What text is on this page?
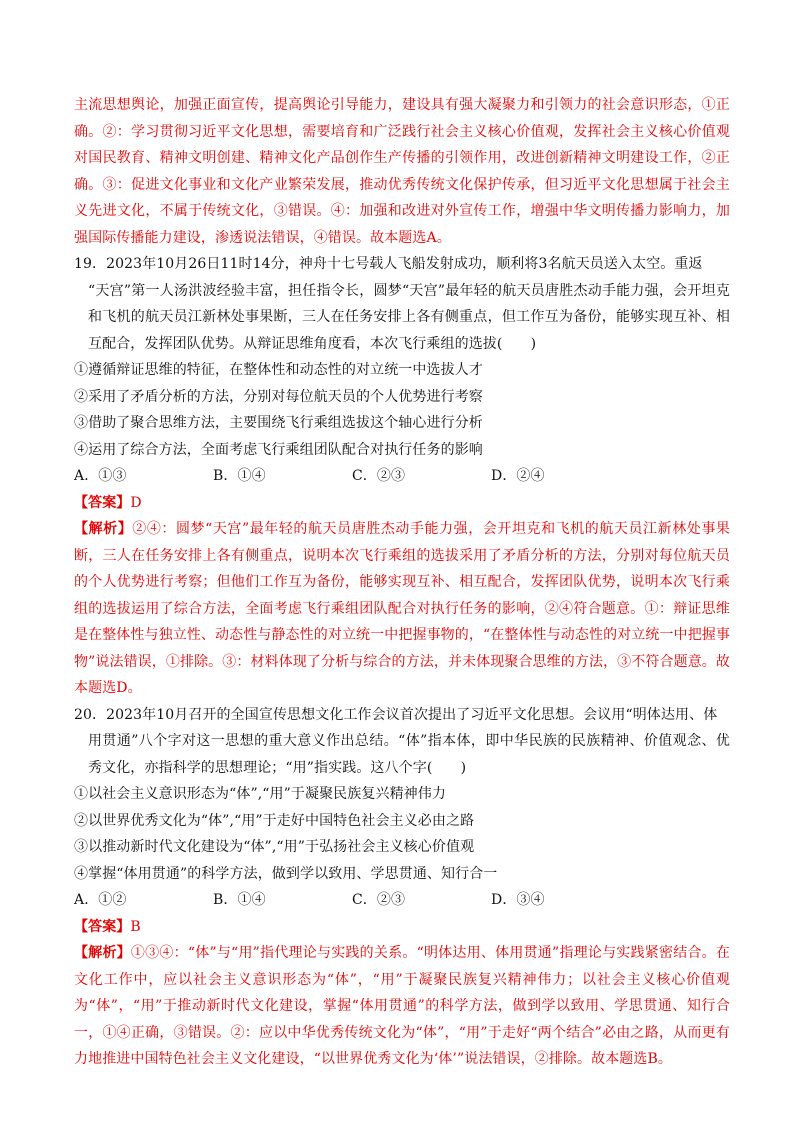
主流思想舆论，加强正面宣传，提高舆论引导能力，建设具有强大凝聚力和引领力的社会意识形态，①正确。②：学习贯彻习近平文化思想，需要培育和广泛践行社会主义核心价值观，发挥社会主义核心价值观对国民教育、精神文明创建、精神文化产品创作生产传播的引领作用，改进创新精神文明建设工作，②正确。③：促进文化事业和文化产业繁荣发展，推动优秀传统文化保护传承，但习近平文化思想属于社会主义先进文化，不属于传统文化，③错误。④：加强和改进对外宣传工作，增强中华文明传播力影响力，加强国际传播能力建设，渗透说法错误，④错误。故本题选A。

19．2023年10月26日11时14分，神舟十七号载人飞船发射成功，顺利将3名航天员送入太空。重返

“天宫”第一人汤洪波经验丰富，担任指令长，圆梦“天宫”最年轻的航天员唐胜杰动手能力强，会开坦克和飞机的航天员江新林处事果断，三人在任务安排上各有侧重点，但工作互为备份，能够实现互补、相互配合，发挥团队优势。从辩证思维角度看，本次飞行乘组的选拔(　　)

①遵循辩证思维的特征，在整体性和动态性的对立统一中选拔人才

②采用了矛盾分析的方法，分别对每位航天员的个人优势进行考察

③借助了聚合思维方法，主要围绕飞行乘组选拔这个轴心进行分析

④运用了综合方法，全面考虑飞行乘组团队配合对执行任务的影响

A．①③	B．①④	C．②③	D．②④

【答案】D

【解析】②④：圆梦“天宫”最年轻的航天员唐胜杰动手能力强，会开坦克和飞机的航天员江新林处事果断，三人在任务安排上各有侧重点，说明本次飞行乘组的选拔采用了矛盾分析的方法，分别对每位航天员的个人优势进行考察；但他们工作互为备份，能够实现互补、相互配合，发挥团队优势，说明本次飞行乘组的选拔运用了综合方法，全面考虑飞行乘组团队配合对执行任务的影响，②④符合题意。①：辩证思维是在整体性与独立性、动态性与静态性的对立统一中把握事物的，“在整体性与动态性的对立统一中把握事物”说法错误，①排除。③：材料体现了分析与综合的方法，并未体现聚合思维的方法，③不符合题意。故本题选D。

20．2023年10月召开的全国宣传思想文化工作会议首次提出了习近平文化思想。会议用“明体达用、体

用贯通”八个字对这一思想的重大意义作出总结。“体”指本体，即中华民族的民族精神、价值观念、优秀文化，亦指科学的思想理论；“用”指实践。这八个字(　　)

①以社会主义意识形态为“体”,“用”于凝聚民族复兴精神伟力

②以世界优秀文化为“体”,“用”于走好中国特色社会主义必由之路

③以推动新时代文化建设为“体”,“用”于弘扬社会主义核心价值观

④掌握“体用贯通”的科学方法，做到学以致用、学思贯通、知行合一

A．①②	B．①④	C．②③	D．③④

【答案】B

【解析】①③④：“体”与“用”指代理论与实践的关系。“明体达用、体用贯通”指理论与实践紧密结合。在文化工作中，应以社会主义意识形态为“体”，“用”于凝聚民族复兴精神伟力；以社会主义核心价值观为“体”，“用”于推动新时代文化建设，掌握“体用贯通”的科学方法，做到学以致用、学思贯通、知行合一，①④正确，③错误。②：应以中华优秀传统文化为“体”，“用”于走好“两个结合”必由之路，从而更有力地推进中国特色社会主义文化建设，“以世界优秀文化为‘体’”说法错误，②排除。故本题选B。
